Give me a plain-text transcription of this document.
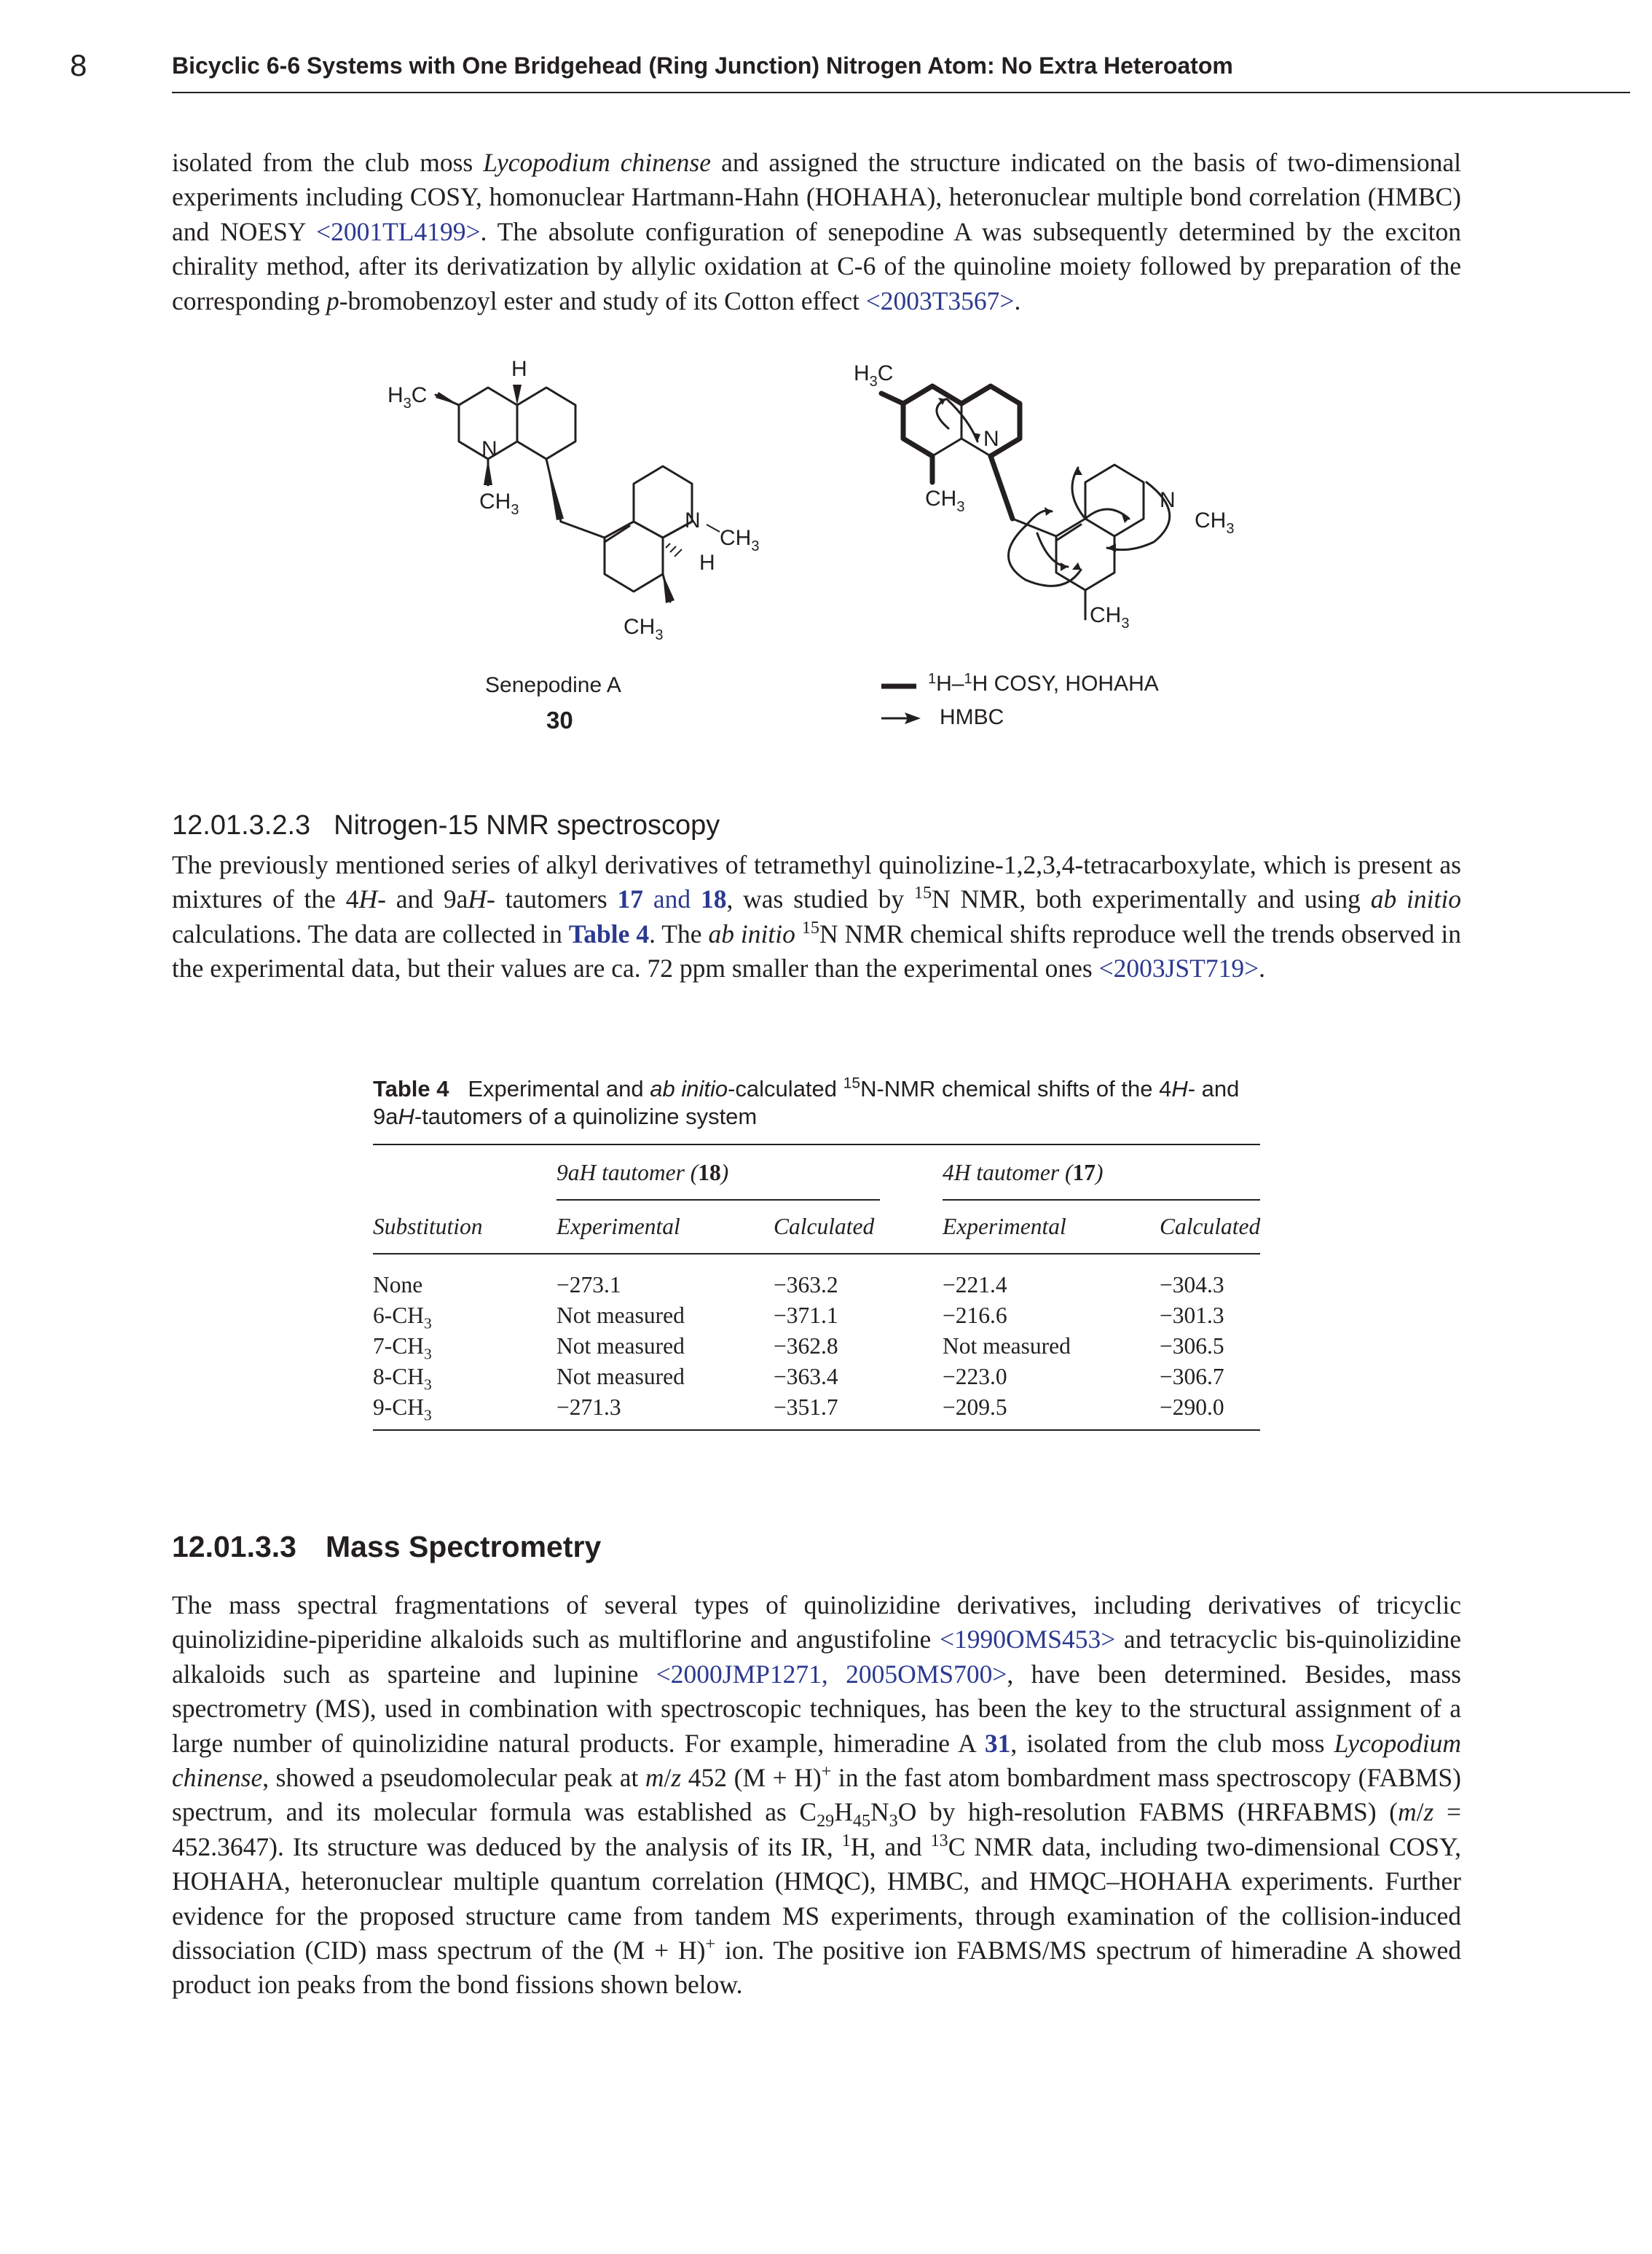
8	Bicyclic 6-6 Systems with One Bridgehead (Ring Junction) Nitrogen Atom: No Extra Heteroatom

isolated from the club moss Lycopodium chinense and assigned the structure indicated on the basis of two-dimensional experiments including COSY, homonuclear Hartmann-Hahn (HOHAHA), heteronuclear multiple bond correlation (HMBC) and NOESY <2001TL4199>. The absolute configuration of senepodine A was subsequently determined by the exciton chirality method, after its derivatization by allylic oxidation at C-6 of the quinoline moiety followed by preparation of the corresponding p-bromobenzoyl ester and study of its Cotton effect <2003T3567>.

H
$H_3C$
N
$CH_3$	N
$CH_3$
H
$CH_3$
Senepodine A
30
$H_3C$
N
$CH_3$	N
$CH_3$
$CH_3$
$^1$H–$^1$H COSY, HOHAHA
HMBC
12.01.3.2.3 Nitrogen-15 NMR spectroscopy

The previously mentioned series of alkyl derivatives of tetramethyl quinolizine-1,2,3,4-tetracarboxylate, which is present as mixtures of the 4H- and 9aH- tautomers 17 and 18, was studied by $^{15}$N NMR, both experimentally and using ab initio calculations. The data are collected in Table 4. The ab initio $^{15}$N NMR chemical shifts reproduce well the trends observed in the experimental data, but their values are ca. 72 ppm smaller than the experimental ones <2003JST719>.

Table 4 Experimental and ab initio-calculated $^{15}$N-NMR chemical shifts of the 4H- and 9aH-tautomers of a quinolizine system
9aH tautomer (18)	4H tautomer (17)
Substitution	Experimental	Calculated	Experimental	Calculated
None	−273.1	−363.2	−221.4	−304.3
$6-CH_3$	Not measured	−371.1	−216.6	−301.3
$7-CH_3$	Not measured	−362.8	Not measured	−306.5
$8-CH_3$	Not measured	−363.4	−223.0	−306.7
$9-CH_3$	−271.3	−351.7	−209.5	−290.0
12.01.3.3 Mass Spectrometry

The mass spectral fragmentations of several types of quinolizidine derivatives, including derivatives of tricyclic quinolizidine-piperidine alkaloids such as multiflorine and angustifoline <1990OMS453> and tetracyclic bis-quinolizidine alkaloids such as sparteine and lupinine <2000JMP1271, 2005OMS700>, have been determined. Besides, mass spectrometry (MS), used in combination with spectroscopic techniques, has been the key to the structural assignment of a large number of quinolizidine natural products. For example, himeradine A 31, isolated from the club moss Lycopodium chinense, showed a pseudomolecular peak at m/z 452 (M + H)+ in the fast atom bombardment mass spectroscopy (FABMS) spectrum, and its molecular formula was established as $C_{29}H_{45}N_3O$ by high-resolution FABMS (HRFABMS) (m/z = 452.3647). Its structure was deduced by the analysis of its IR, $^1$H, and $^{13}$C NMR data, including two-dimensional COSY, HOHAHA, heteronuclear multiple quantum correlation (HMQC), HMBC, and HMQC–HOHAHA experiments. Further evidence for the proposed structure came from tandem MS experiments, through examination of the collision-induced dissociation (CID) mass spectrum of the (M + H)+ ion. The positive ion FABMS/MS spectrum of himeradine A showed product ion peaks from the bond fissions shown below.
